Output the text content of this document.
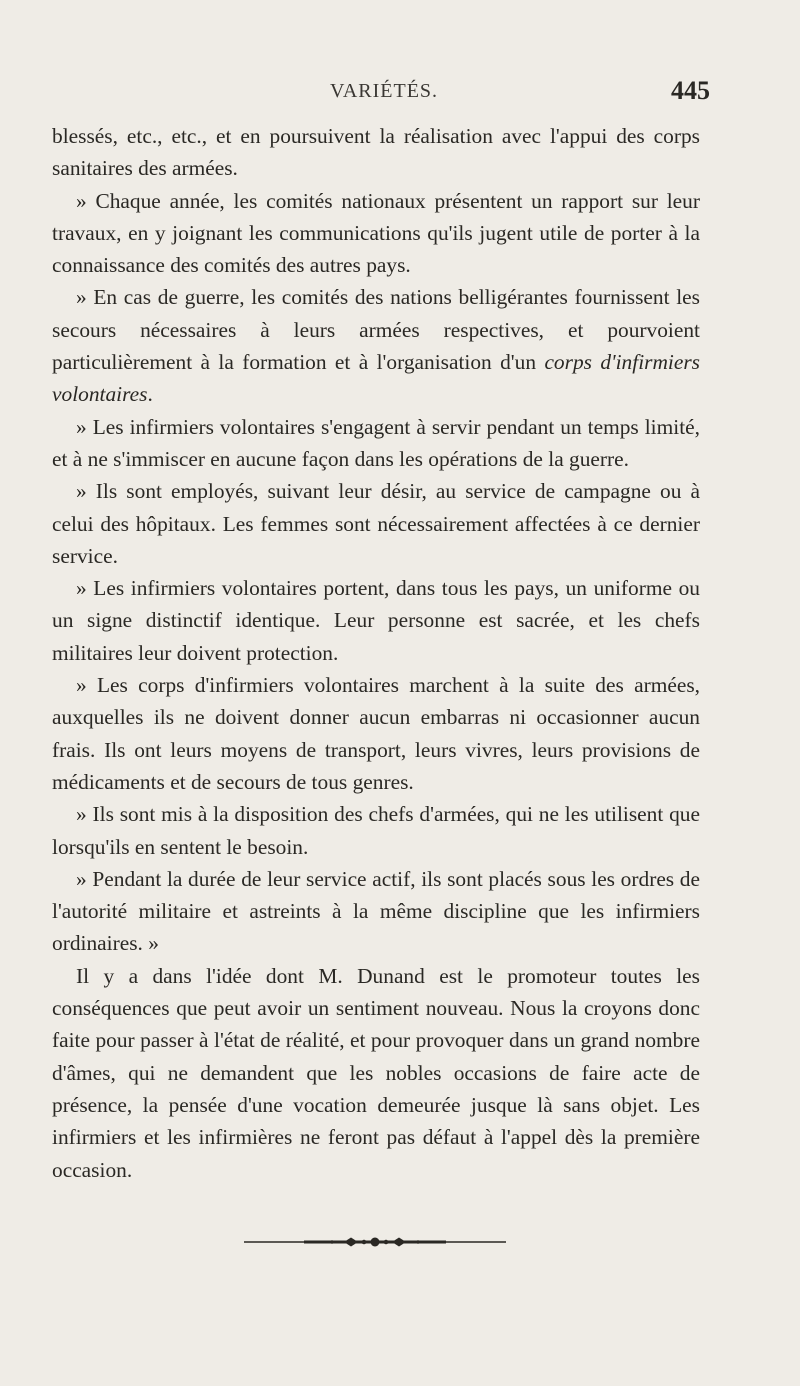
VARIÉTÉS.	445

blessés, etc., etc., et en poursuivent la réalisation avec l'appui des corps sanitaires des armées.

» Chaque année, les comités nationaux présentent un rapport sur leur travaux, en y joignant les communications qu'ils jugent utile de porter à la connaissance des comités des autres pays.

» En cas de guerre, les comités des nations belligérantes fournissent les secours nécessaires à leurs armées respectives, et pourvoient particulièrement à la formation et à l'organisation d'un corps d'infirmiers volontaires.

» Les infirmiers volontaires s'engagent à servir pendant un temps limité, et à ne s'immiscer en aucune façon dans les opérations de la guerre.

» Ils sont employés, suivant leur désir, au service de campagne ou à celui des hôpitaux. Les femmes sont nécessairement affectées à ce dernier service.

» Les infirmiers volontaires portent, dans tous les pays, un uniforme ou un signe distinctif identique. Leur personne est sacrée, et les chefs militaires leur doivent protection.

» Les corps d'infirmiers volontaires marchent à la suite des armées, auxquelles ils ne doivent donner aucun embarras ni occasionner aucun frais. Ils ont leurs moyens de transport, leurs vivres, leurs provisions de médicaments et de secours de tous genres.

» Ils sont mis à la disposition des chefs d'armées, qui ne les utilisent que lorsqu'ils en sentent le besoin.

» Pendant la durée de leur service actif, ils sont placés sous les ordres de l'autorité militaire et astreints à la même discipline que les infirmiers ordinaires. »

Il y a dans l'idée dont M. Dunand est le promoteur toutes les conséquences que peut avoir un sentiment nouveau. Nous la croyons donc faite pour passer à l'état de réalité, et pour provoquer dans un grand nombre d'âmes, qui ne demandent que les nobles occasions de faire acte de présence, la pensée d'une vocation demeurée jusque là sans objet. Les infirmiers et les infirmières ne feront pas défaut à l'appel dès la première occasion.
